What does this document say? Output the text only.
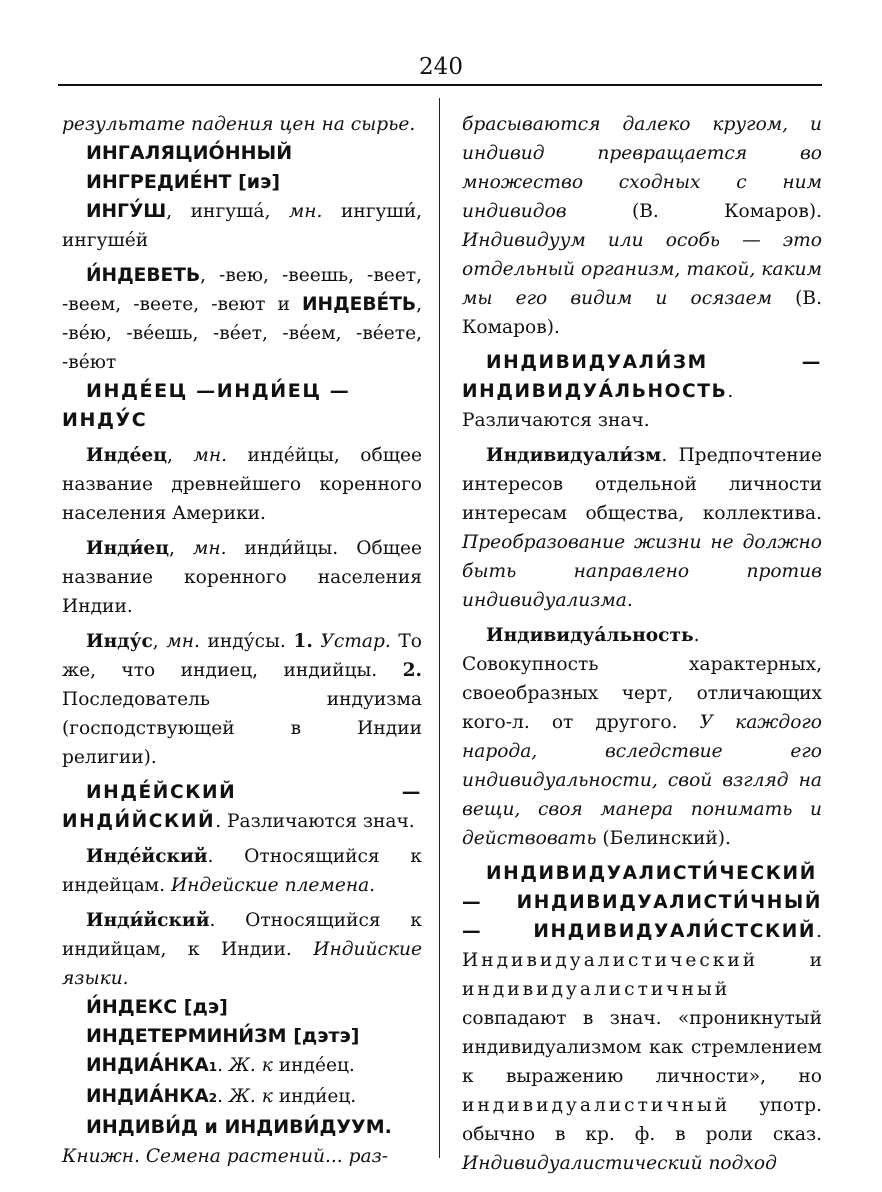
240

результате падения цен на сырье.

ИНГАЛЯЦИО́ННЫЙ

ИНГРЕДИЕ́НТ [иэ]

ИНГУ́Ш, ингуша́, мн. ингуши́, ингуше́й

И́НДЕВЕТЬ, -вею, -веешь, -веет, -веем, -веете, -веют и ИНДЕВЕ́ТЬ, -ве́ю, -ве́ешь, -ве́ет, -ве́ем, -ве́ете, -ве́ют

ИНДЕ́ЕЦ —ИНДИ́ЕЦ —ИНДУ́С

Инде́ец, мн. инде́йцы, общее название древнейшего коренного населения Америки.

Инди́ец, мн. инди́йцы. Общее название коренного населения Индии.

Инду́с, мн. инду́сы. 1. Устар. То же, что индиец, индийцы. 2. Последователь индуизма (господствующей в Индии религии).

ИНДЕ́ЙСКИЙ — ИНДИ́ЙСКИЙ. Различаются знач.

Инде́йский. Относящийся к индейцам. Индейские племена.

Инди́йский. Относящийся к индийцам, к Индии. Индийские языки.

И́НДЕКС [дэ]

ИНДЕТЕРМИНИ́ЗМ [дэтэ]

ИНДИА́НКА1. Ж. к инде́ец.

ИНДИА́НКА2. Ж. к инди́ец.

ИНДИВИ́Д и ИНДИВИ́ДУУМ.

Книжн. Семена растений... раз-

брасываются далеко кругом, и индивид превращается во множество сходных с ним индивидов (В. Комаров). Индивидуум или особь — это отдельный организм, такой, каким мы его видим и осязаем (В. Комаров).

ИНДИВИДУАЛИ́ЗМ — ИНДИВИДУА́ЛЬНОСТЬ. Различаются знач.

Индивидуали́зм. Предпочтение интересов отдельной личности интересам общества, коллектива. Преобразование жизни не должно быть направлено против индивидуализма.

Индивидуа́льность. Совокупность характерных, своеобразных черт, отличающих кого-л. от другого. У каждого народа, вследствие его индивидуальности, свой взгляд на вещи, своя манера понимать и действовать (Белинский).

ИНДИВИДУАЛИСТИ́ЧЕСКИЙ — ИНДИВИДУАЛИСТИ́ЧНЫЙ — ИНДИВИДУАЛИ́СТСКИЙ. Индивидуалистический и индивидуалистичный совпадают в знач. «проникнутый индивидуализмом как стремлением к выражению личности», но индивидуалистичный употр. обычно в кр. ф. в роли сказ. Индивидуалистический подход
